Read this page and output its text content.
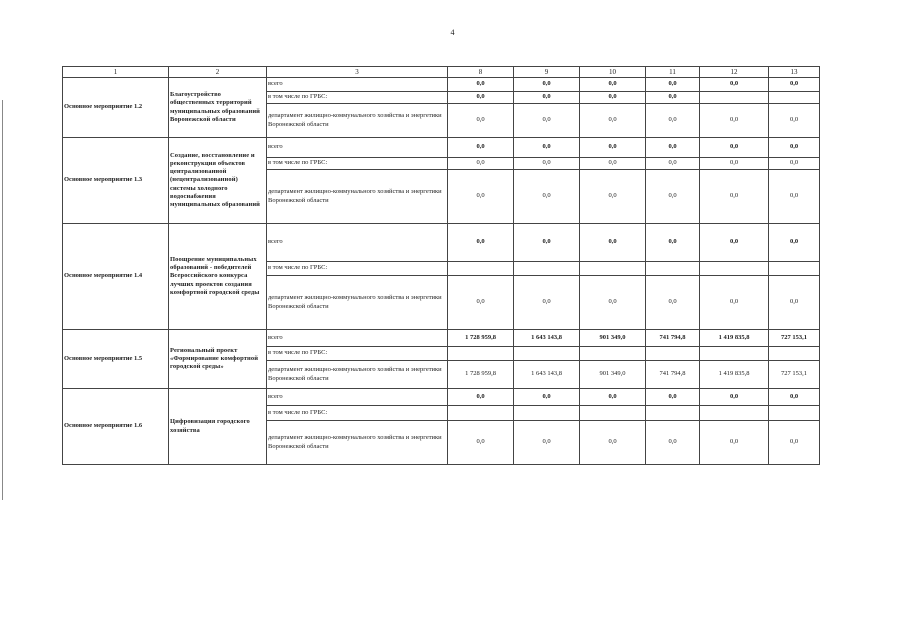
4
1	2	3	8	9	10	11	12	13
Основное мероприятие 1.2	Благоустройство общественных территорий муниципальных образований Воронежской области	всего	0,0	0,0	0,0	0,0	0,0	0,0
		в том числе по ГРБС:	0,0	0,0	0,0	0,0		
		департамент жилищно-коммунального хозяйства и энергетики Воронежской области	0,0	0,0	0,0	0,0	0,0	0,0
Основное мероприятие 1.3	Создание, восстановление и реконструкция объектов централизованной (нецентрализованной) системы холодного водоснабжения муниципальных образований	всего	0,0	0,0	0,0	0,0	0,0	0,0
		в том числе по ГРБС:	0,0	0,0	0,0	0,0	0,0	0,0
		департамент жилищно-коммунального хозяйства и энергетики Воронежской области	0,0	0,0	0,0	0,0	0,0	0,0
Основное мероприятие 1.4	Поощрение муниципальных образований - победителей Всероссийского конкурса лучших проектов создания комфортной городской среды	всего	0,0	0,0	0,0	0,0	0,0	0,0
		в том числе по ГРБС:						
		департамент жилищно-коммунального хозяйства и энергетики Воронежской области	0,0	0,0	0,0	0,0	0,0	0,0
Основное мероприятие 1.5	Региональный проект «Формирование комфортной городской среды»	всего	1 728 959,8	1 643 143,8	901 349,0	741 794,8	1 419 835,8	727 153,1
		в том числе по ГРБС:						
		департамент жилищно-коммунального хозяйства и энергетики Воронежской области	1 728 959,8	1 643 143,8	901 349,0	741 794,8	1 419 835,8	727 153,1
Основное мероприятие 1.6	Цифровизация городского хозяйства	всего	0,0	0,0	0,0	0,0	0,0	0,0
		в том числе по ГРБС:						
		департамент жилищно-коммунального хозяйства и энергетики Воронежской области	0,0	0,0	0,0	0,0	0,0	0,0
